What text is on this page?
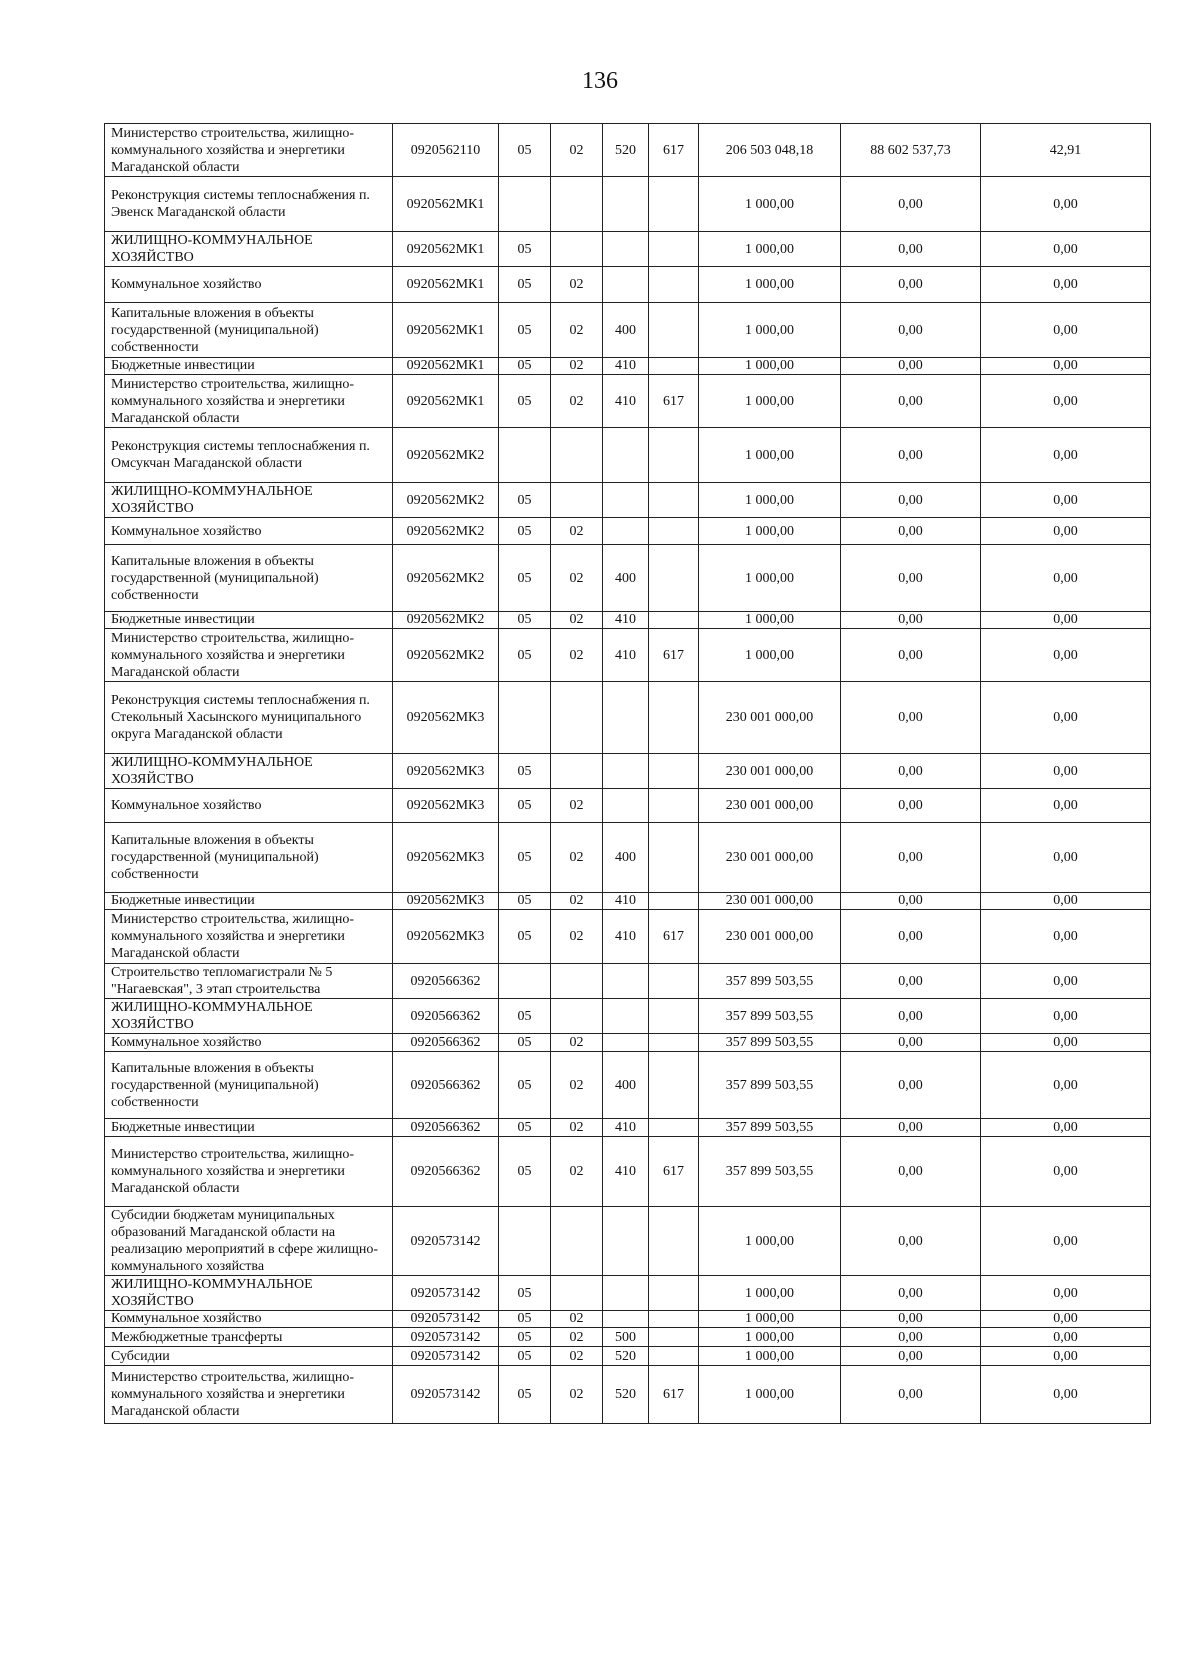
136
Министерство строительства, жилищно-коммунального хозяйства и энергетики Магаданской области	0920562110	05	02	520	617	206 503 048,18	88 602 537,73	42,91
Реконструкция системы теплоснабжения п. Эвенск Магаданской области	0920562МК1					1 000,00	0,00	0,00
ЖИЛИЩНО-КОММУНАЛЬНОЕ ХОЗЯЙСТВО	0920562МК1	05				1 000,00	0,00	0,00
Коммунальное хозяйство	0920562МК1	05	02			1 000,00	0,00	0,00
Капитальные вложения в объекты государственной (муниципальной) собственности	0920562МК1	05	02	400		1 000,00	0,00	0,00
Бюджетные инвестиции	0920562МК1	05	02	410		1 000,00	0,00	0,00
Министерство строительства, жилищно-коммунального хозяйства и энергетики Магаданской области	0920562МК1	05	02	410	617	1 000,00	0,00	0,00
Реконструкция системы теплоснабжения п. Омсукчан Магаданской области	0920562МК2					1 000,00	0,00	0,00
ЖИЛИЩНО-КОММУНАЛЬНОЕ ХОЗЯЙСТВО	0920562МК2	05				1 000,00	0,00	0,00
Коммунальное хозяйство	0920562МК2	05	02			1 000,00	0,00	0,00
Капитальные вложения в объекты государственной (муниципальной) собственности	0920562МК2	05	02	400		1 000,00	0,00	0,00
Бюджетные инвестиции	0920562МК2	05	02	410		1 000,00	0,00	0,00
Министерство строительства, жилищно-коммунального хозяйства и энергетики Магаданской области	0920562МК2	05	02	410	617	1 000,00	0,00	0,00
Реконструкция системы теплоснабжения п. Стекольный Хасынского муниципального округа Магаданской области	0920562МК3					230 001 000,00	0,00	0,00
ЖИЛИЩНО-КОММУНАЛЬНОЕ ХОЗЯЙСТВО	0920562МК3	05				230 001 000,00	0,00	0,00
Коммунальное хозяйство	0920562МК3	05	02			230 001 000,00	0,00	0,00
Капитальные вложения в объекты государственной (муниципальной) собственности	0920562МК3	05	02	400		230 001 000,00	0,00	0,00
Бюджетные инвестиции	0920562МК3	05	02	410		230 001 000,00	0,00	0,00
Министерство строительства, жилищно-коммунального хозяйства и энергетики Магаданской области	0920562МК3	05	02	410	617	230 001 000,00	0,00	0,00
Строительство тепломагистрали № 5 "Нагаевская", 3 этап строительства	0920566362					357 899 503,55	0,00	0,00
ЖИЛИЩНО-КОММУНАЛЬНОЕ ХОЗЯЙСТВО	0920566362	05				357 899 503,55	0,00	0,00
Коммунальное хозяйство	0920566362	05	02			357 899 503,55	0,00	0,00
Капитальные вложения в объекты государственной (муниципальной) собственности	0920566362	05	02	400		357 899 503,55	0,00	0,00
Бюджетные инвестиции	0920566362	05	02	410		357 899 503,55	0,00	0,00
Министерство строительства, жилищно-коммунального хозяйства и энергетики Магаданской области	0920566362	05	02	410	617	357 899 503,55	0,00	0,00
Субсидии бюджетам муниципальных образований Магаданской области на реализацию мероприятий в сфере жилищно-коммунального хозяйства	0920573142					1 000,00	0,00	0,00
ЖИЛИЩНО-КОММУНАЛЬНОЕ ХОЗЯЙСТВО	0920573142	05				1 000,00	0,00	0,00
Коммунальное хозяйство	0920573142	05	02			1 000,00	0,00	0,00
Межбюджетные трансферты	0920573142	05	02	500		1 000,00	0,00	0,00
Субсидии	0920573142	05	02	520		1 000,00	0,00	0,00
Министерство строительства, жилищно-коммунального хозяйства и энергетики Магаданской области	0920573142	05	02	520	617	1 000,00	0,00	0,00
